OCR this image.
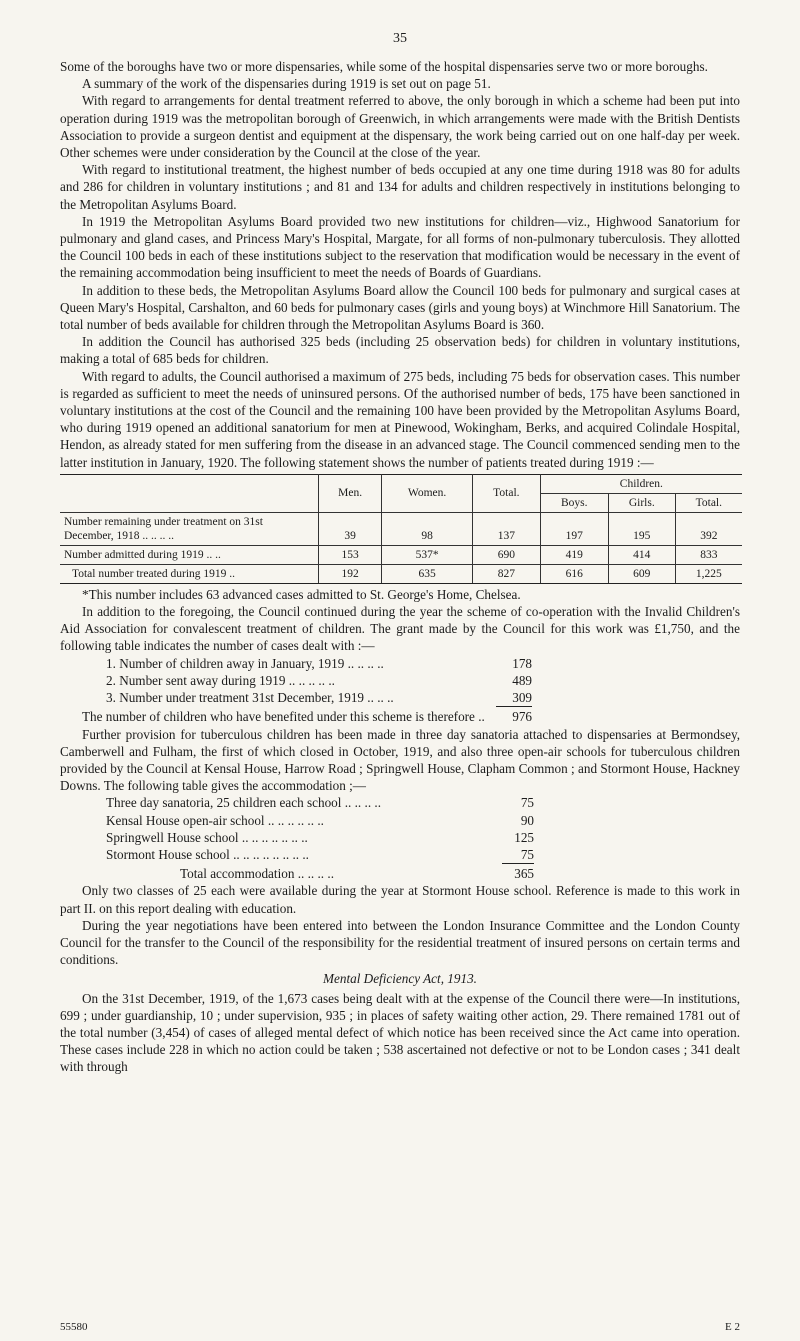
35

Some of the boroughs have two or more dispensaries, while some of the hospital dispensaries serve two or more boroughs.

A summary of the work of the dispensaries during 1919 is set out on page 51.

With regard to arrangements for dental treatment referred to above, the only borough in which a scheme had been put into operation during 1919 was the metropolitan borough of Greenwich, in which arrangements were made with the British Dentists Association to provide a surgeon dentist and equipment at the dispensary, the work being carried out on one half-day per week. Other schemes were under consideration by the Council at the close of the year.

With regard to institutional treatment, the highest number of beds occupied at any one time during 1918 was 80 for adults and 286 for children in voluntary institutions ; and 81 and 134 for adults and children respectively in institutions belonging to the Metropolitan Asylums Board.

In 1919 the Metropolitan Asylums Board provided two new institutions for children—viz., Highwood Sanatorium for pulmonary and gland cases, and Princess Mary's Hospital, Margate, for all forms of non-pulmonary tuberculosis. They allotted the Council 100 beds in each of these institutions subject to the reservation that modification would be necessary in the event of the remaining accommodation being insufficient to meet the needs of Boards of Guardians.

In addition to these beds, the Metropolitan Asylums Board allow the Council 100 beds for pulmonary and surgical cases at Queen Mary's Hospital, Carshalton, and 60 beds for pulmonary cases (girls and young boys) at Winchmore Hill Sanatorium. The total number of beds available for children through the Metropolitan Asylums Board is 360.

In addition the Council has authorised 325 beds (including 25 observation beds) for children in voluntary institutions, making a total of 685 beds for children.

With regard to adults, the Council authorised a maximum of 275 beds, including 75 beds for observation cases. This number is regarded as sufficient to meet the needs of uninsured persons. Of the authorised number of beds, 175 have been sanctioned in voluntary institutions at the cost of the Council and the remaining 100 have been provided by the Metropolitan Asylums Board, who during 1919 opened an additional sanatorium for men at Pinewood, Wokingham, Berks, and acquired Colindale Hospital, Hendon, as already stated for men suffering from the disease in an advanced stage. The Council commenced sending men to the latter institution in January, 1920. The following statement shows the number of patients treated during 1919 :—

	Men.	Women.	Total.	Children.		
				Boys.	Girls.	Total.
Number remaining under treatment on 31st December, 1918 .. .. .. ..	39	98	137	197	195	392
Number admitted during 1919 .. ..	153	537*	690	419	414	833
Total number treated during 1919 ..	192	635	827	616	609	1,225
*This number includes 63 advanced cases admitted to St. George's Home, Chelsea.

In addition to the foregoing, the Council continued during the year the scheme of co-operation with the Invalid Children's Aid Association for convalescent treatment of children. The grant made by the Council for this work was £1,750, and the following table indicates the number of cases dealt with :—

1. Number of children away in January, 1919 .. .. .. ..	178
2. Number sent away during 1919 .. .. .. .. ..	489
3. Number under treatment 31st December, 1919 .. .. ..	309
The number of children who have benefited under this scheme is therefore ..	976

Further provision for tuberculous children has been made in three day sanatoria attached to dispensaries at Bermondsey, Camberwell and Fulham, the first of which closed in October, 1919, and also three open-air schools for tuberculous children provided by the Council at Kensal House, Harrow Road ; Springwell House, Clapham Common ; and Stormont House, Hackney Downs. The following table gives the accommodation ;—

Three day sanatoria, 25 children each school .. .. .. ..	75
Kensal House open-air school .. .. .. .. .. ..	90
Springwell House school .. .. .. .. .. .. ..	125
Stormont House school .. .. .. .. .. .. .. ..	75
Total accommodation .. .. .. ..	365

Only two classes of 25 each were available during the year at Stormont House school. Reference is made to this work in part II. on this report dealing with education.

During the year negotiations have been entered into between the London Insurance Committee and the London County Council for the transfer to the Council of the responsibility for the residential treatment of insured persons on certain terms and conditions.

Mental Deficiency Act, 1913.

On the 31st December, 1919, of the 1,673 cases being dealt with at the expense of the Council there were—In institutions, 699 ; under guardianship, 10 ; under supervision, 935 ; in places of safety waiting other action, 29. There remained 1781 out of the total number (3,454) of cases of alleged mental defect of which notice has been received since the Act came into operation. These cases include 228 in which no action could be taken ; 538 ascertained not defective or not to be London cases ; 341 dealt with through

55580	E 2
